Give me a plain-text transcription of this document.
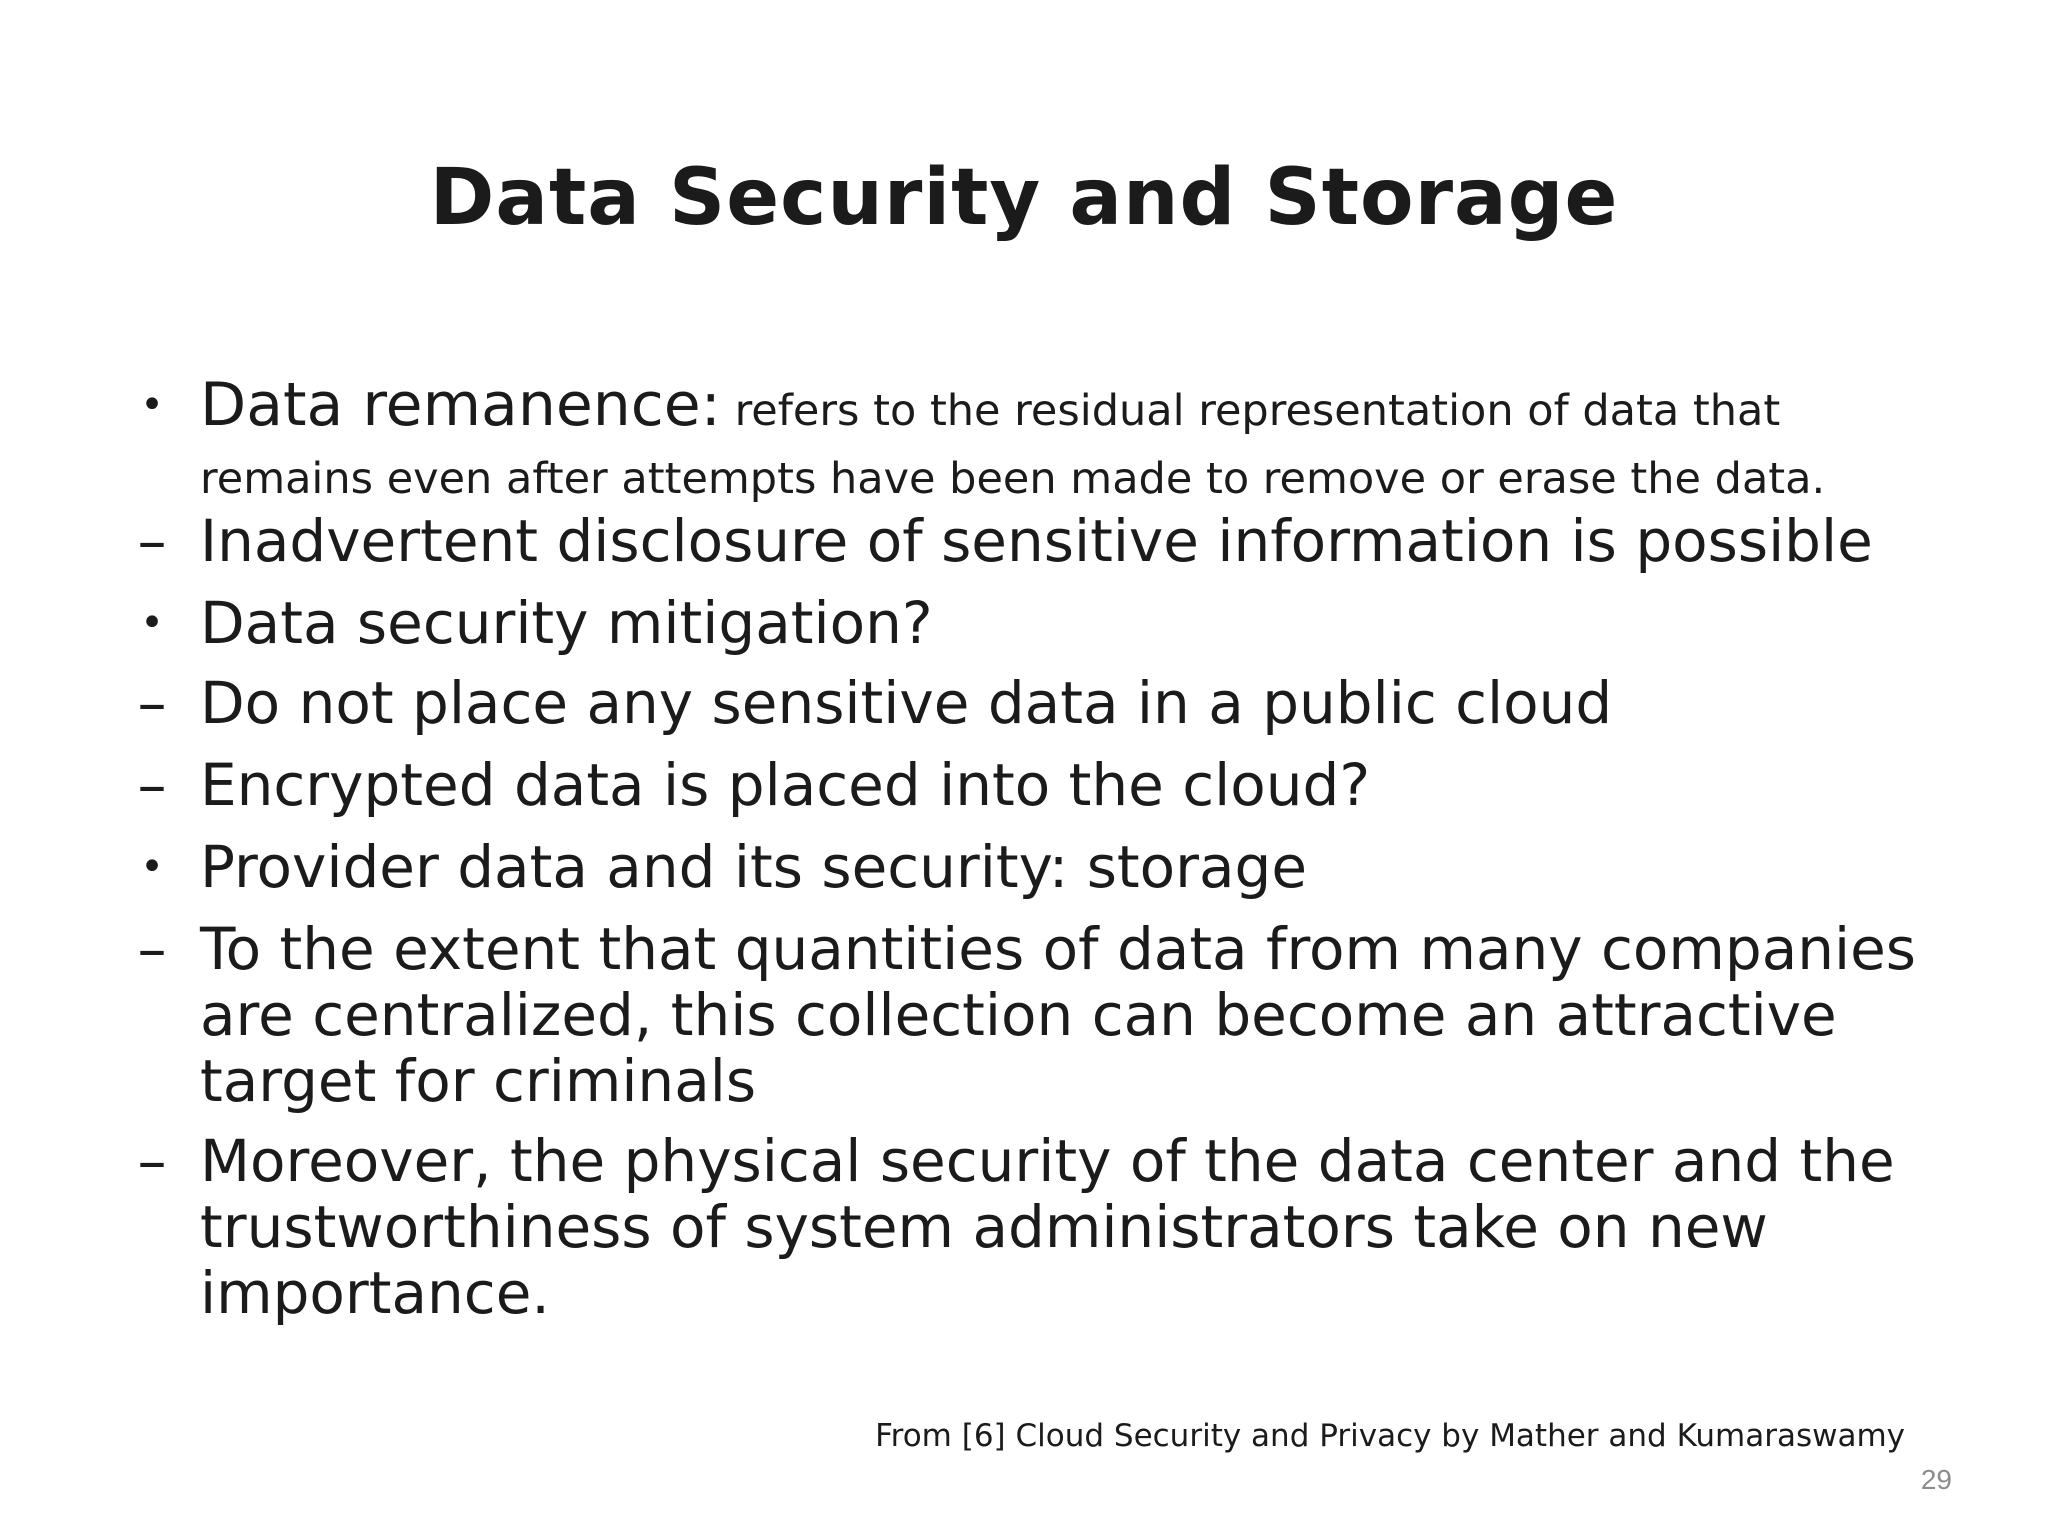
Data Security and Storage
• Data remanence: refers to the residual representation of data that remains even after attempts have been made to remove or erase the data.
– Inadvertent disclosure of sensitive information is possible
• Data security mitigation?
– Do not place any sensitive data in a public cloud
– Encrypted data is placed into the cloud?
• Provider data and its security: storage
– To the extent that quantities of data from many companies are centralized, this collection can become an attractive target for criminals
– Moreover, the physical security of the data center and the trustworthiness of system administrators take on new importance.
From [6] Cloud Security and Privacy by Mather and Kumaraswamy
29
